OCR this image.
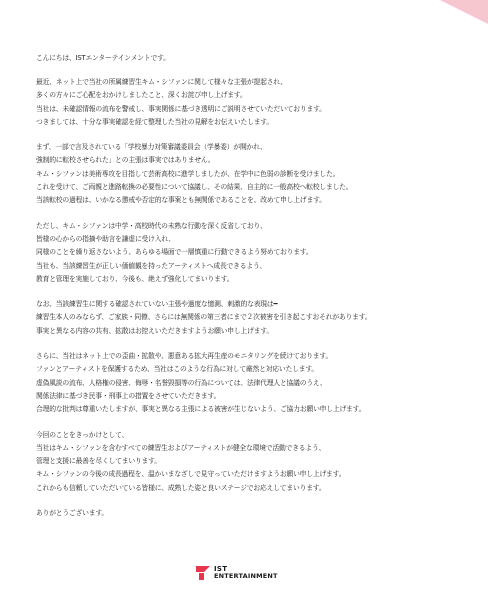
こんにちは、ISTエンターテインメントです。
最近、ネット上で当社の所属練習生キム・シファンに関して様々な主張が提起され、
多くの方々にご心配をおかけしましたこと、深くお詫び申し上げます。
当社は、未確認情報の流布を警戒し、事実関係に基づき透明にご説明させていただいております。
つきましては、十分な事実確認を経て整理した当社の見解をお伝えいたします。
まず、一部で言及されている「学校暴力対策審議委員会（学暴委）が開かれ、
強制的に転校させられた」との主張は事実ではありません。
キム・シファンは美術専攻を目指して芸術高校に進学しましたが、在学中に色弱の診断を受けました。
これを受けて、ご両親と進路転換の必要性について協議し、その結果、自主的に一般高校へ転校しました。
当該転校の過程は、いかなる懲戒や否定的な事案とも無関係であることを、改めて申し上げます。
ただし、キム・シファンは中学・高校時代の未熟な行動を深く反省しており、
皆様の心からの指摘や助言を謙虚に受け入れ、
同様のことを繰り返さないよう、あらゆる場面で一層慎重に行動できるよう努めております。
当社も、当該練習生が正しい価値観を持ったアーティストへ成長できるよう、
教育と管理を実施しており、今後も、絶えず強化してまいります。
なお、当該練習生に関する確認されていない主張や過度な憶測、刺激的な表現は━
練習生本人のみならず、ご家族・同僚、さらには無関係の第三者にまで２次被害を引き起こすおそれがあります。
事実と異なる内容の共有、拡散はお控えいただきますようお願い申し上げます。
さらに、当社はネット上での歪曲・拡散や、悪意ある拡大再生産のモニタリングを続けております。
ファンとアーティストを保護するため、当社はこのような行為に対して厳然と対応いたします。
虚偽風説の流布、人格権の侵害、侮辱・名誉毀損等の行為については、法律代理人と協議のうえ、
関係法律に基づき民事・刑事上の措置をさせていただきます。
合理的な批判は尊重いたしますが、事実と異なる主張による被害が生じないよう、ご協力お願い申し上げます。
今回のことをきっかけとして、
当社はキム・シファンを含むすべての練習生およびアーティストが健全な環境で活動できるよう、
管理と支援に最善を尽くしてまいります。
キム・シファンの今後の成長過程を、温かいまなざしで見守っていただけますようお願い申し上げます。
これからも信頼していただいている皆様に、成熟した姿と良いステージでお応えしてまいります。
ありがとうございます。
IST
ENTERTAINMENT
